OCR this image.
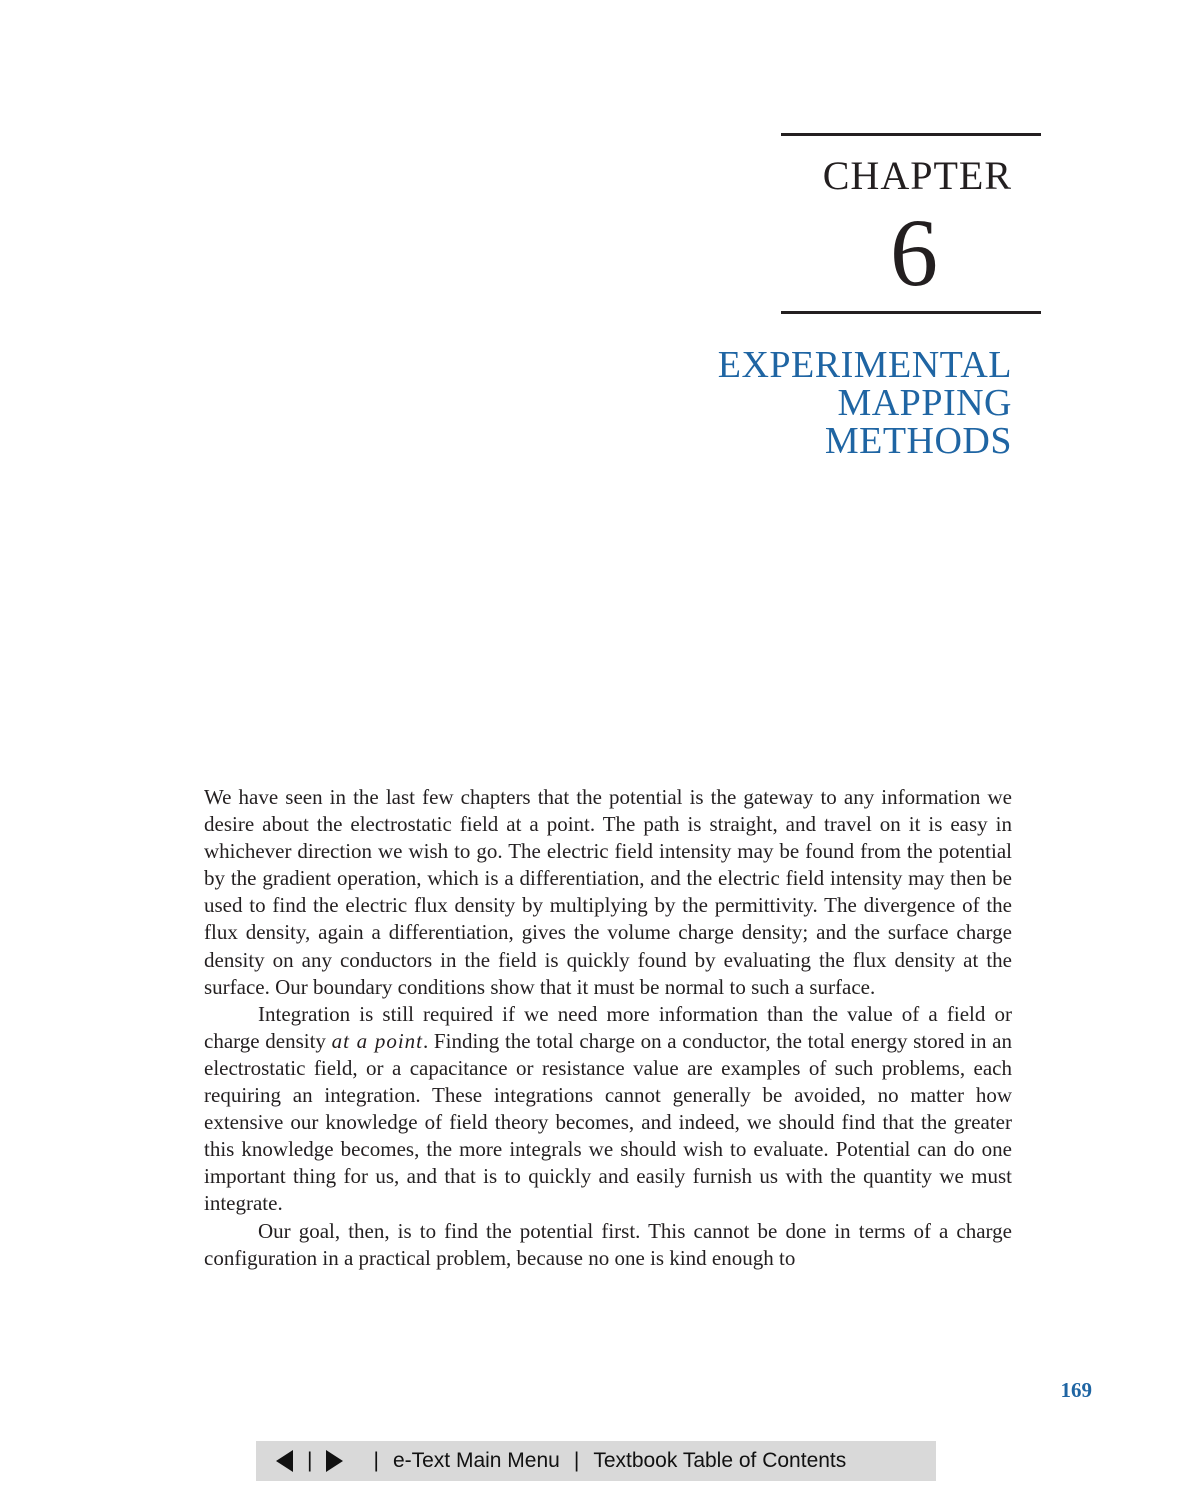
CHAPTER
6
EXPERIMENTAL
MAPPING
METHODS

We have seen in the last few chapters that the potential is the gateway to any information we desire about the electrostatic field at a point. The path is straight, and travel on it is easy in whichever direction we wish to go. The electric field intensity may be found from the potential by the gradient operation, which is a differentiation, and the electric field intensity may then be used to find the electric flux density by multiplying by the permittivity. The divergence of the flux density, again a differentiation, gives the volume charge density; and the surface charge density on any conductors in the field is quickly found by evaluating the flux density at the surface. Our boundary conditions show that it must be normal to such a surface.

Integration is still required if we need more information than the value of a field or charge density at a point. Finding the total charge on a conductor, the total energy stored in an electrostatic field, or a capacitance or resistance value are examples of such problems, each requiring an integration. These integrations cannot generally be avoided, no matter how extensive our knowledge of field theory becomes, and indeed, we should find that the greater this knowledge becomes, the more integrals we should wish to evaluate. Potential can do one important thing for us, and that is to quickly and easily furnish us with the quantity we must integrate.

Our goal, then, is to find the potential first. This cannot be done in terms of a charge configuration in a practical problem, because no one is kind enough to

169
|	| e-Text Main Menu | Textbook Table of Contents
